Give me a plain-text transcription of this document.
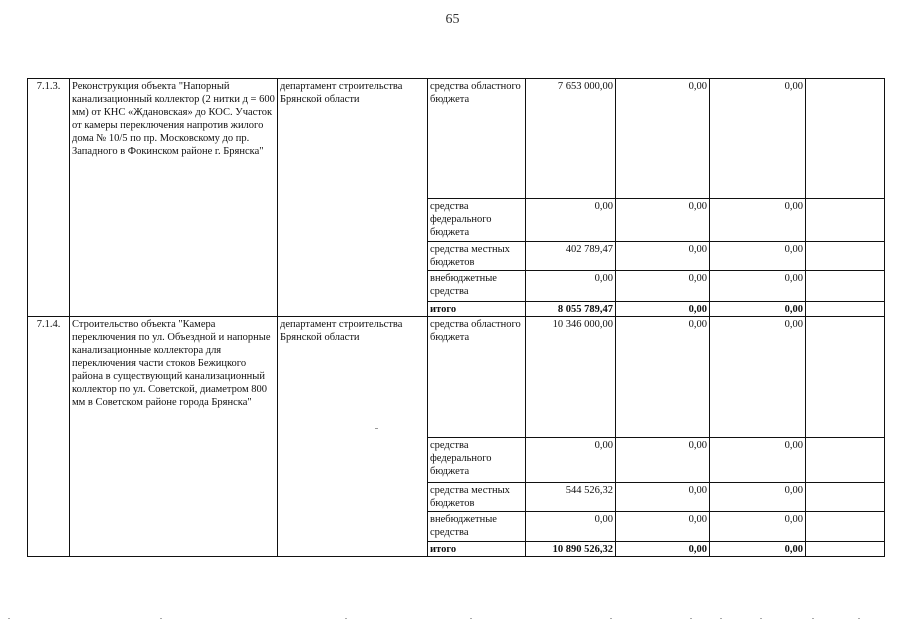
65
7.1.3.	Реконструкция объекта "Напорный канализационный коллектор (2 нитки д = 600 мм) от КНС «Ждановская» до КОС. Участок от камеры переключения напротив жилого дома № 10/5 по пр. Московскому до пр. Западного в Фокинском районе г. Брянска"	департамент строительства Брянской области	средства областного бюджета	7 653 000,00	0,00	0,00	
			средства федерального бюджета	0,00	0,00	0,00	
			средства местных бюджетов	402 789,47	0,00	0,00	
			внебюджетные средства	0,00	0,00	0,00	
			итого	8 055 789,47	0,00	0,00	
7.1.4.	Строительство объекта "Камера переключения по ул. Объездной и напорные канализационные коллектора для переключения части стоков Бежицкого района в существующий канализационный коллектор по ул. Советской, диаметром 800 мм в Советском районе города Брянска"	департамент строительства Брянской области	средства областного бюджета	10 346 000,00	0,00	0,00	
			средства федерального бюджета	0,00	0,00	0,00	
			средства местных бюджетов	544 526,32	0,00	0,00	
			внебюджетные средства	0,00	0,00	0,00	
			итого	10 890 526,32	0,00	0,00	
